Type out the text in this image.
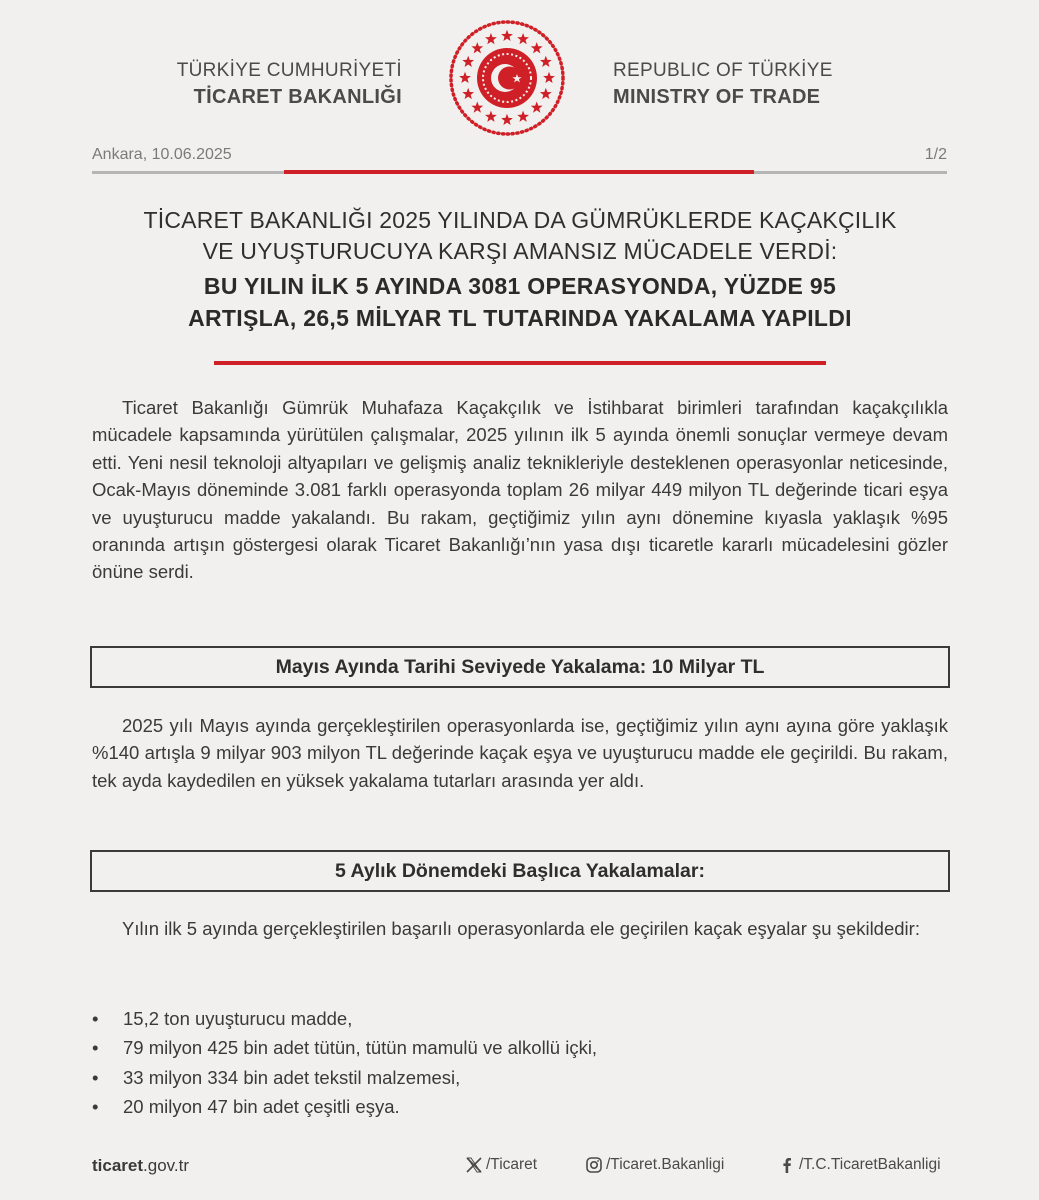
TÜRKİYE CUMHURİYETİ
TİCARET BAKANLIĞI
REPUBLIC OF TÜRKİYE
MINISTRY OF TRADE
Ankara, 10.06.2025	1/2
TİCARET BAKANLIĞI 2025 YILINDA DA GÜMRÜKLERDE KAÇAKÇILIK
VE UYUŞTURUCUYA KARŞI AMANSIZ MÜCADELE VERDİ:
BU YILIN İLK 5 AYINDA 3081 OPERASYONDA, YÜZDE 95
ARTIŞLA, 26,5 MİLYAR TL TUTARINDA YAKALAMA YAPILDI

Ticaret Bakanlığı Gümrük Muhafaza Kaçakçılık ve İstihbarat birimleri tarafından kaçakçılıkla mücadele kapsamında yürütülen çalışmalar, 2025 yılının ilk 5 ayında önemli sonuçlar vermeye devam etti. Yeni nesil teknoloji altyapıları ve gelişmiş analiz teknikleriyle desteklenen operasyonlar neticesinde, Ocak-Mayıs döneminde 3.081 farklı operasyonda toplam 26 milyar 449 milyon TL değerinde ticari eşya ve uyuşturucu madde yakalandı. Bu rakam, geçtiğimiz yılın aynı dönemine kıyasla yaklaşık %95 oranında artışın göstergesi olarak Ticaret Bakanlığı’nın yasa dışı ticaretle kararlı mücadelesini gözler önüne serdi.

Mayıs Ayında Tarihi Seviyede Yakalama: 10 Milyar TL

2025 yılı Mayıs ayında gerçekleştirilen operasyonlarda ise, geçtiğimiz yılın aynı ayına göre yaklaşık %140 artışla 9 milyar 903 milyon TL değerinde kaçak eşya ve uyuşturucu madde ele geçirildi. Bu rakam, tek ayda kaydedilen en yüksek yakalama tutarları arasında yer aldı.

5 Aylık Dönemdeki Başlıca Yakalamalar:

Yılın ilk 5 ayında gerçekleştirilen başarılı operasyonlarda ele geçirilen kaçak eşyalar şu şekildedir:

•	15,2 ton uyuşturucu madde,
•	79 milyon 425 bin adet tütün, tütün mamulü ve alkollü içki,
•	33 milyon 334 bin adet tekstil malzemesi,
•	20 milyon 47 bin adet çeşitli eşya.
ticaret.gov.tr	/Ticaret	/Ticaret.Bakanligi	/T.C.TicaretBakanligi
